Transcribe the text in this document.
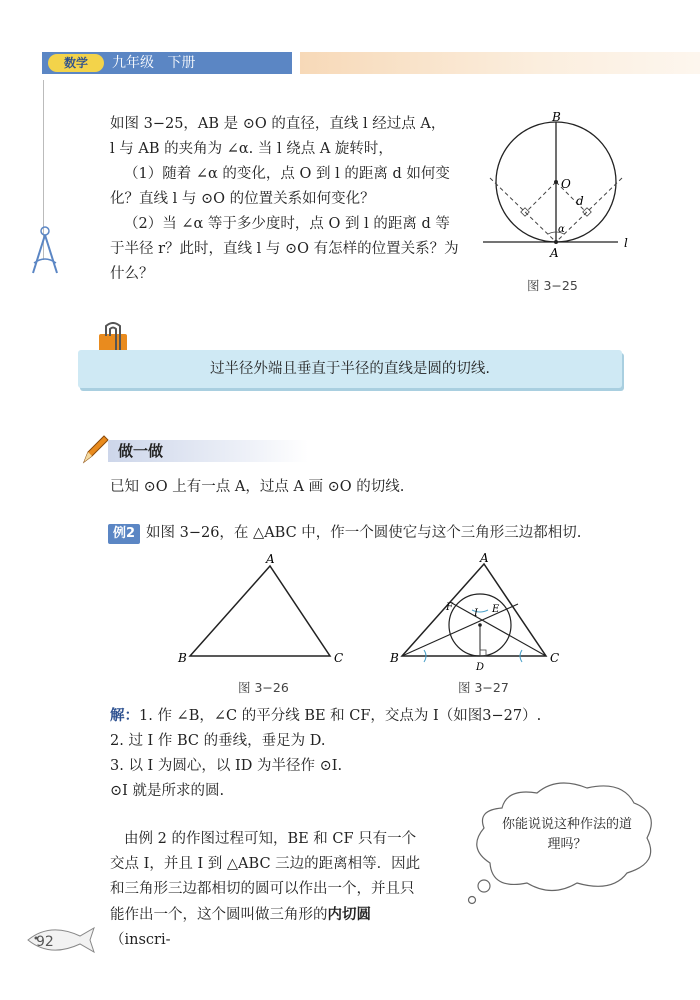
数学	九年级   下册
如图 3−25，AB 是 ⊙O 的直径，直线 l 经过点 A，
l 与 AB 的夹角为 ∠α. 当 l 绕点 A 旋转时，
（1）随着 ∠α 的变化，点 O 到 l 的距离 d 如何变
化？直线 l 与 ⊙O 的位置关系如何变化？
（2）当 ∠α 等于多少度时，点 O 到 l 的距离 d 等
于半径 r？此时，直线 l 与 ⊙O 有怎样的位置关系？为
什么？
B
O
d
α
A
l
图 3−25
过半径外端且垂直于半径的直线是圆的切线.
做一做
已知 ⊙O 上有一点 A，过点 A 画 ⊙O 的切线.
例2 如图 3−26，在 △ABC 中，作一个圆使它与这个三角形三边都相切.
A
B	C
图 3−26
A
B	C
F
I E
D
图 3−27
解：1. 作 ∠B，∠C 的平分线 BE 和 CF，交点为 I（如图3−27）.
2. 过 I 作 BC 的垂线，垂足为 D.
3. 以 I 为圆心，以 ID 为半径作 ⊙I.
⊙I 就是所求的圆.
由例 2 的作图过程可知，BE 和 CF 只有一个
交点 I，并且 I 到 △ABC 三边的距离相等．因此
和三角形三边都相切的圆可以作出一个，并且只
能作出一个，这个圆叫做三角形的内切圆（inscri-
你能说说这种作法的道理吗？
92
